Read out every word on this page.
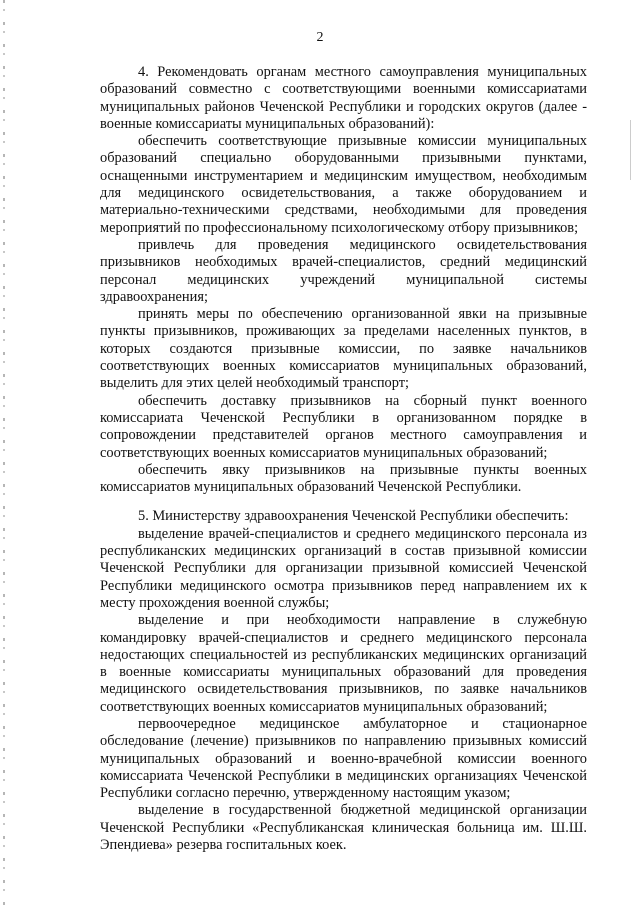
2

4. Рекомендовать органам местного самоуправления муниципальных образований совместно с соответствующими военными комиссариатами муниципальных районов Чеченской Республики и городских округов (далее - военные комиссариаты муниципальных образований):

обеспечить соответствующие призывные комиссии муниципальных образований специально оборудованными призывными пунктами, оснащенными инструментарием и медицинским имуществом, необходимым для медицинского освидетельствования, а также оборудованием и материально-техническими средствами, необходимыми для проведения мероприятий по профессиональному психологическому отбору призывников;

привлечь для проведения медицинского освидетельствования призывников необходимых врачей-специалистов, средний медицинский персонал медицинских учреждений муниципальной системы здравоохранения;

принять меры по обеспечению организованной явки на призывные пункты призывников, проживающих за пределами населенных пунктов, в которых создаются призывные комиссии, по заявке начальников соответствующих военных комиссариатов муниципальных образований, выделить для этих целей необходимый транспорт;

обеспечить доставку призывников на сборный пункт военного комиссариата Чеченской Республики в организованном порядке в сопровождении представителей органов местного самоуправления и соответствующих военных комиссариатов муниципальных образований;

обеспечить явку призывников на призывные пункты военных комиссариатов муниципальных образований Чеченской Республики.

5. Министерству здравоохранения Чеченской Республики обеспечить:

выделение врачей-специалистов и среднего медицинского персонала из республиканских медицинских организаций в состав призывной комиссии Чеченской Республики для организации призывной комиссией Чеченской Республики медицинского осмотра призывников перед направлением их к месту прохождения военной службы;

выделение и при необходимости направление в служебную командировку врачей-специалистов и среднего медицинского персонала недостающих специальностей из республиканских медицинских организаций в военные комиссариаты муниципальных образований для проведения медицинского освидетельствования призывников, по заявке начальников соответствующих военных комиссариатов муниципальных образований;

первоочередное медицинское амбулаторное и стационарное обследование (лечение) призывников по направлению призывных комиссий муниципальных образований и военно-врачебной комиссии военного комиссариата Чеченской Республики в медицинских организациях Чеченской Республики согласно перечню, утвержденному настоящим указом;

выделение в государственной бюджетной медицинской организации Чеченской Республики «Республиканская клиническая больница им. Ш.Ш. Эпендиева» резерва госпитальных коек.
